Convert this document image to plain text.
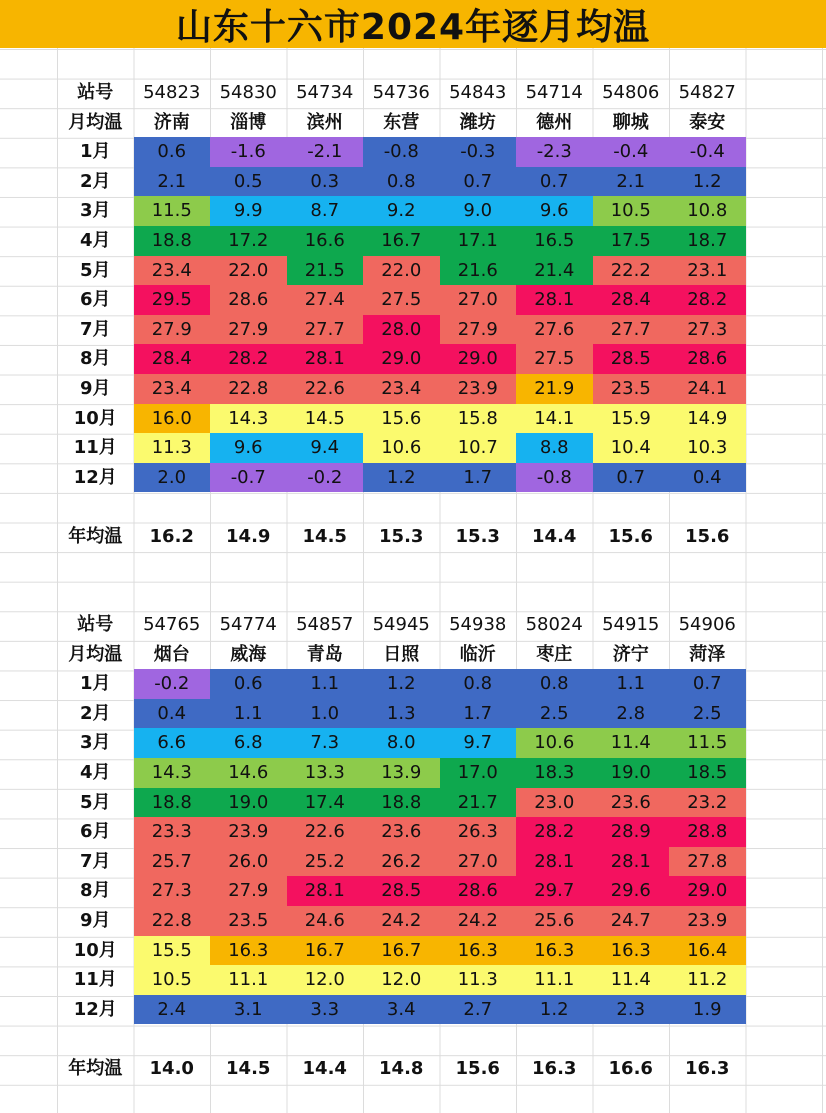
山东十六市2024年逐月均温
站号	54823	54830	54734	54736	54843	54714	54806	54827
月均温	济南	淄博	滨州	东营	潍坊	德州	聊城	泰安
1月	0.6	-1.6	-2.1	-0.8	-0.3	-2.3	-0.4	-0.4
2月	2.1	0.5	0.3	0.8	0.7	0.7	2.1	1.2
3月	11.5	9.9	8.7	9.2	9.0	9.6	10.5	10.8
4月	18.8	17.2	16.6	16.7	17.1	16.5	17.5	18.7
5月	23.4	22.0	21.5	22.0	21.6	21.4	22.2	23.1
6月	29.5	28.6	27.4	27.5	27.0	28.1	28.4	28.2
7月	27.9	27.9	27.7	28.0	27.9	27.6	27.7	27.3
8月	28.4	28.2	28.1	29.0	29.0	27.5	28.5	28.6
9月	23.4	22.8	22.6	23.4	23.9	21.9	23.5	24.1
10月	16.0	14.3	14.5	15.6	15.8	14.1	15.9	14.9
11月	11.3	9.6	9.4	10.6	10.7	8.8	10.4	10.3
12月	2.0	-0.7	-0.2	1.2	1.7	-0.8	0.7	0.4

年均温	16.2	14.9	14.5	15.3	15.3	14.4	15.6	15.6
站号	54765	54774	54857	54945	54938	58024	54915	54906
月均温	烟台	威海	青岛	日照	临沂	枣庄	济宁	菏泽
1月	-0.2	0.6	1.1	1.2	0.8	0.8	1.1	0.7
2月	0.4	1.1	1.0	1.3	1.7	2.5	2.8	2.5
3月	6.6	6.8	7.3	8.0	9.7	10.6	11.4	11.5
4月	14.3	14.6	13.3	13.9	17.0	18.3	19.0	18.5
5月	18.8	19.0	17.4	18.8	21.7	23.0	23.6	23.2
6月	23.3	23.9	22.6	23.6	26.3	28.2	28.9	28.8
7月	25.7	26.0	25.2	26.2	27.0	28.1	28.1	27.8
8月	27.3	27.9	28.1	28.5	28.6	29.7	29.6	29.0
9月	22.8	23.5	24.6	24.2	24.2	25.6	24.7	23.9
10月	15.5	16.3	16.7	16.7	16.3	16.3	16.3	16.4
11月	10.5	11.1	12.0	12.0	11.3	11.1	11.4	11.2
12月	2.4	3.1	3.3	3.4	2.7	1.2	2.3	1.9

年均温	14.0	14.5	14.4	14.8	15.6	16.3	16.6	16.3
